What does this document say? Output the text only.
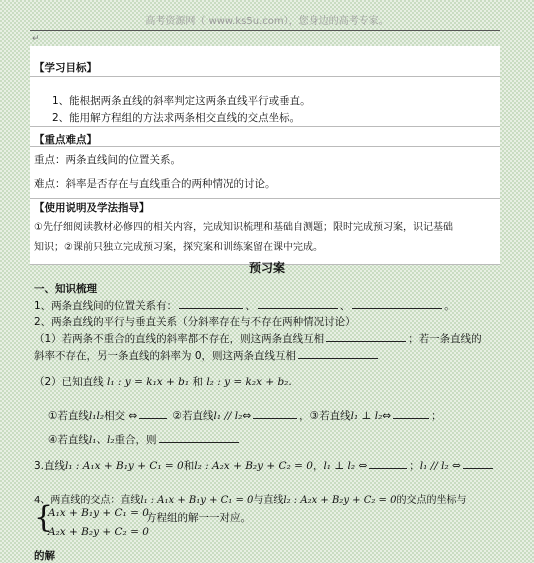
高考资源网（ www.ks5u.com），您身边的高考专家。
↵
【学习目标】
1、能根据两条直线的斜率判定这两条直线平行或垂直。
2、能用解方程组的方法求两条相交直线的交点坐标。
【重点难点】
重点：两条直线间的位置关系。
难点：斜率是否存在与直线重合的两种情况的讨论。
【使用说明及学法指导】
①先仔细阅读教材必修四的相关内容，完成知识梳理和基础自测题；限时完成预习案，识记基础
知识；②课前只独立完成预习案，探究案和训练案留在课中完成。
预习案
一、知识梳理
1、两条直线间的位置关系有：	、	、	。
2、两条直线的平行与垂直关系（分斜率存在与不存在两种情况讨论）
（1）若两条不重合的直线的斜率都不存在，则这两条直线互相	；若一条直线的
斜率不存在，另一条直线的斜率为 0，则这两条直线互相
（2）已知直线 l₁ : y = k₁x + b₁ 和 l₂ : y = k₂x + b₂.
①若直线l₁l₂相交 ⇔	②若直线l₁ // l₂⇔	，③若直线l₁ ⊥ l₂⇔	；
④若直线l₁、l₂重合，则
3.直线l₁ : A₁x + B₁y + C₁ = 0和l₂ : A₂x + B₂y + C₂ = 0，l₁ ⊥ l₂ ⇔	；l₁ // l₂ ⇔
4、两直线的交点：直线l₁ : A₁x + B₁y + C₁ = 0与直线l₂ : A₂x + B₂y + C₂ = 0的交点的坐标与
{
A₁x + B₁y + C₁ = 0
方程组的解一一对应。
A₂x + B₂y + C₂ = 0
的解
